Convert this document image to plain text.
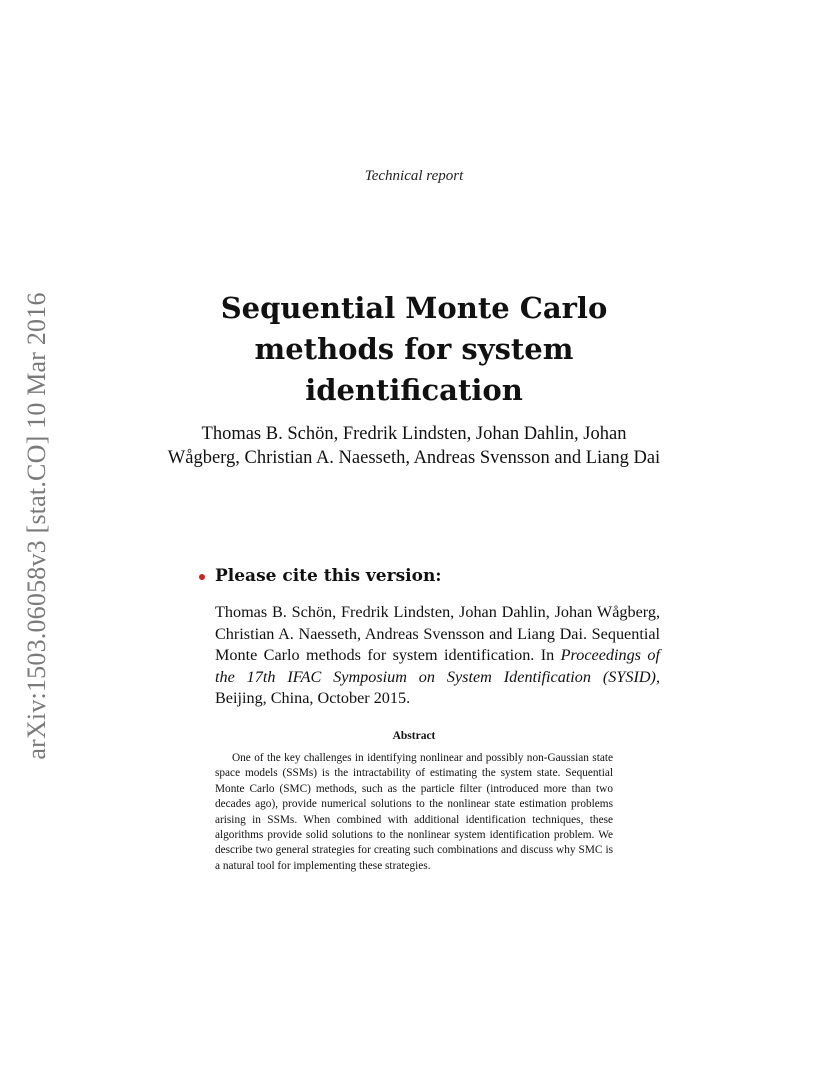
arXiv:1503.06058v3 [stat.CO] 10 Mar 2016
Technical report
Sequential Monte Carlo methods for system identification
Thomas B. Schön, Fredrik Lindsten, Johan Dahlin, Johan Wågberg, Christian A. Naesseth, Andreas Svensson and Liang Dai
Please cite this version:
Thomas B. Schön, Fredrik Lindsten, Johan Dahlin, Johan Wågberg, Christian A. Naesseth, Andreas Svensson and Liang Dai. Sequential Monte Carlo methods for system identification. In Proceedings of the 17th IFAC Symposium on System Identification (SYSID), Beijing, China, October 2015.
Abstract
One of the key challenges in identifying nonlinear and possibly non-Gaussian state space models (SSMs) is the intractability of estimating the system state. Sequential Monte Carlo (SMC) methods, such as the particle filter (introduced more than two decades ago), provide numerical solutions to the nonlinear state estimation problems arising in SSMs. When combined with additional identification techniques, these algorithms provide solid solutions to the nonlinear system identification problem. We describe two general strategies for creating such combinations and discuss why SMC is a natural tool for implementing these strategies.
